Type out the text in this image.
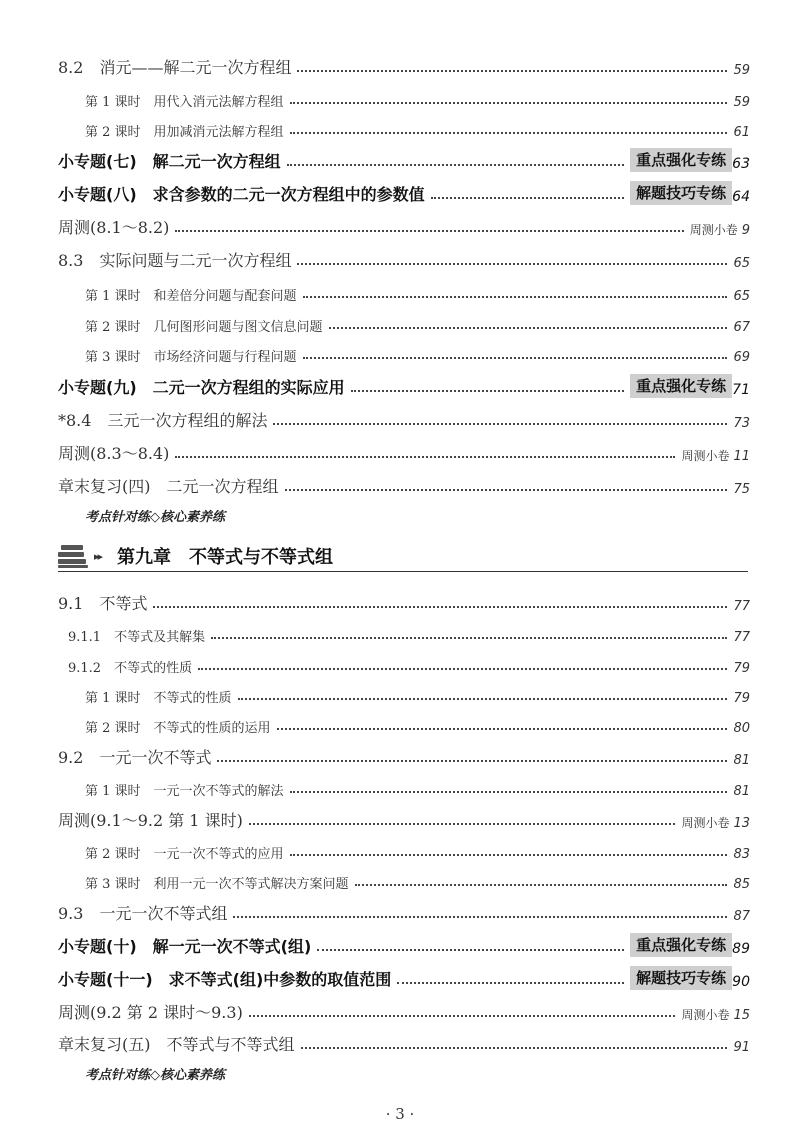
8.2　消元——解二元一次方程组	59
第 1 课时　用代入消元法解方程组	59
第 2 课时　用加减消元法解方程组	61
小专题(七)　解二元一次方程组	重点强化专练 63
小专题(八)　求含参数的二元一次方程组中的参数值	解题技巧专练 64
周测(8.1～8.2)	周测小卷 9
8.3　实际问题与二元一次方程组	65
第 1 课时　和差倍分问题与配套问题	65
第 2 课时　几何图形问题与图文信息问题	67
第 3 课时　市场经济问题与行程问题	69
小专题(九)　二元一次方程组的实际应用	重点强化专练 71
*8.4　三元一次方程组的解法	73
周测(8.3～8.4)	周测小卷 11
章末复习(四)　二元一次方程组	75
考点针对练◇核心素养练
▸▸ 第九章　不等式与不等式组
9.1　不等式	77
9.1.1　不等式及其解集	77
9.1.2　不等式的性质	79
第 1 课时　不等式的性质	79
第 2 课时　不等式的性质的运用	80
9.2　一元一次不等式	81
第 1 课时　一元一次不等式的解法	81
周测(9.1～9.2 第 1 课时)	周测小卷 13
第 2 课时　一元一次不等式的应用	83
第 3 课时　利用一元一次不等式解决方案问题	85
9.3　一元一次不等式组	87
小专题(十)　解一元一次不等式(组)	重点强化专练 89
小专题(十一)　求不等式(组)中参数的取值范围	解题技巧专练 90
周测(9.2 第 2 课时～9.3)	周测小卷 15
章末复习(五)　不等式与不等式组	91
考点针对练◇核心素养练
· 3 ·
